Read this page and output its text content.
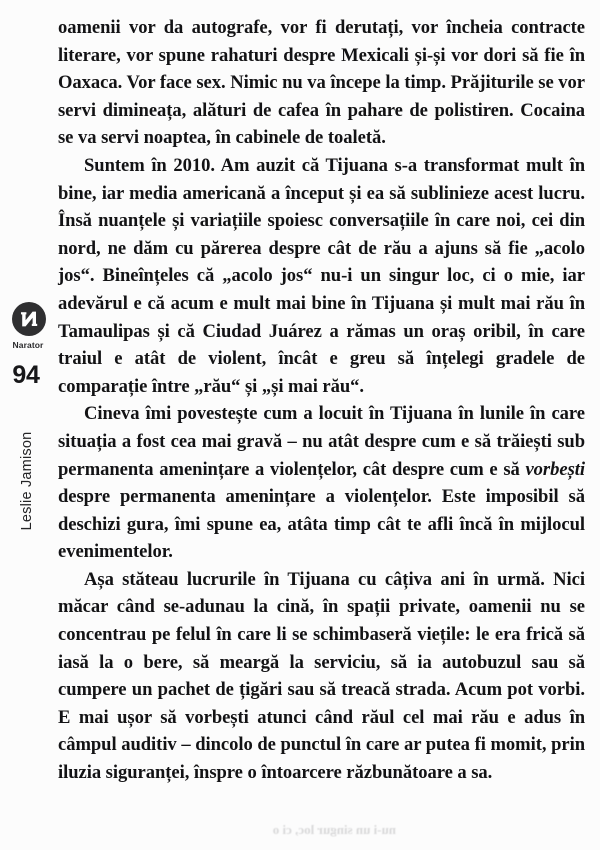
Narator
94
Leslie Jamison

oamenii vor da autografe, vor fi derutați, vor încheia contracte literare, vor spune rahaturi despre Mexicali și-și vor dori să fie în Oaxaca. Vor face sex. Nimic nu va începe la timp. Prăjiturile se vor servi dimineața, alături de cafea în pahare de polistiren. Cocaina se va servi noaptea, în cabinele de toaletă.

Suntem în 2010. Am auzit că Tijuana s-a transformat mult în bine, iar media americană a început și ea să sublinieze acest lucru. Însă nuanțele și variațiile spoiesc conversațiile în care noi, cei din nord, ne dăm cu părerea despre cât de rău a ajuns să fie „acolo jos“. Bineînțeles că „acolo jos“ nu-i un singur loc, ci o mie, iar adevărul e că acum e mult mai bine în Tijuana și mult mai rău în Tamaulipas și că Ciudad Juárez a rămas un oraș oribil, în care traiul e atât de violent, încât e greu să înțelegi gradele de comparație între „rău“ și „și mai rău“.

Cineva îmi povestește cum a locuit în Tijuana în lunile în care situația a fost cea mai gravă – nu atât despre cum e să trăiești sub permanenta amenințare a violențelor, cât despre cum e să vorbești despre permanenta amenințare a violențelor. Este imposibil să deschizi gura, îmi spune ea, atâta timp cât te afli încă în mijlocul evenimentelor.

Așa stăteau lucrurile în Tijuana cu câțiva ani în urmă. Nici măcar când se-adunau la cină, în spații private, oamenii nu se concentrau pe felul în care li se schimbaseră viețile: le era frică să iasă la o bere, să meargă la serviciu, să ia autobuzul sau să cumpere un pachet de țigări sau să treacă strada. Acum pot vorbi. E mai ușor să vorbești atunci când răul cel mai rău e adus în câmpul auditiv – dincolo de punctul în care ar putea fi momit, prin iluzia siguranței, înspre o întoarcere răzbunătoare a sa.

nu-i un singur loc, ci o
